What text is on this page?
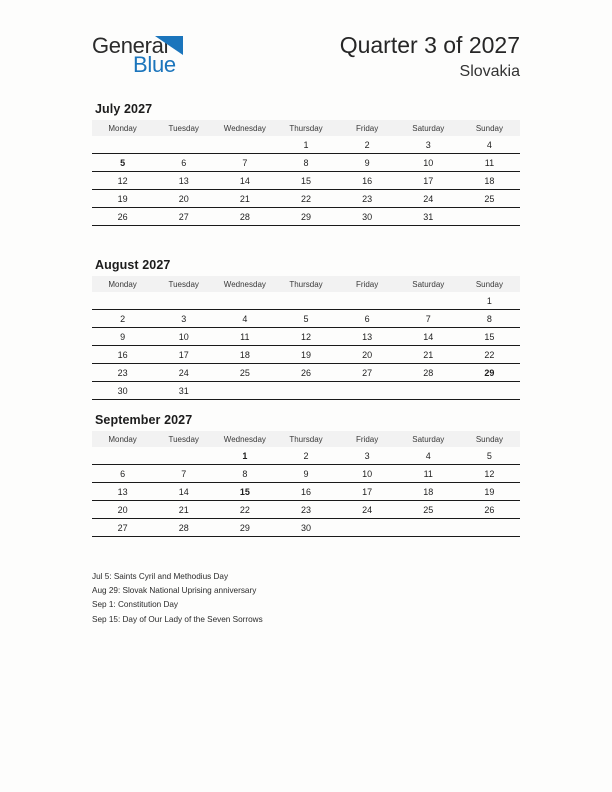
General
Blue
Quarter 3 of 2027
Slovakia
July 2027
Monday	Tuesday	Wednesday	Thursday	Friday	Saturday	Sunday
			1	2	3	4
5	6	7	8	9	10	11
12	13	14	15	16	17	18
19	20	21	22	23	24	25
26	27	28	29	30	31	
August 2027
Monday	Tuesday	Wednesday	Thursday	Friday	Saturday	Sunday
						1
2	3	4	5	6	7	8
9	10	11	12	13	14	15
16	17	18	19	20	21	22
23	24	25	26	27	28	29
30	31					
September 2027
Monday	Tuesday	Wednesday	Thursday	Friday	Saturday	Sunday
		1	2	3	4	5
6	7	8	9	10	11	12
13	14	15	16	17	18	19
20	21	22	23	24	25	26
27	28	29	30			
Jul 5: Saints Cyril and Methodius Day
Aug 29: Slovak National Uprising anniversary
Sep 1: Constitution Day
Sep 15: Day of Our Lady of the Seven Sorrows
